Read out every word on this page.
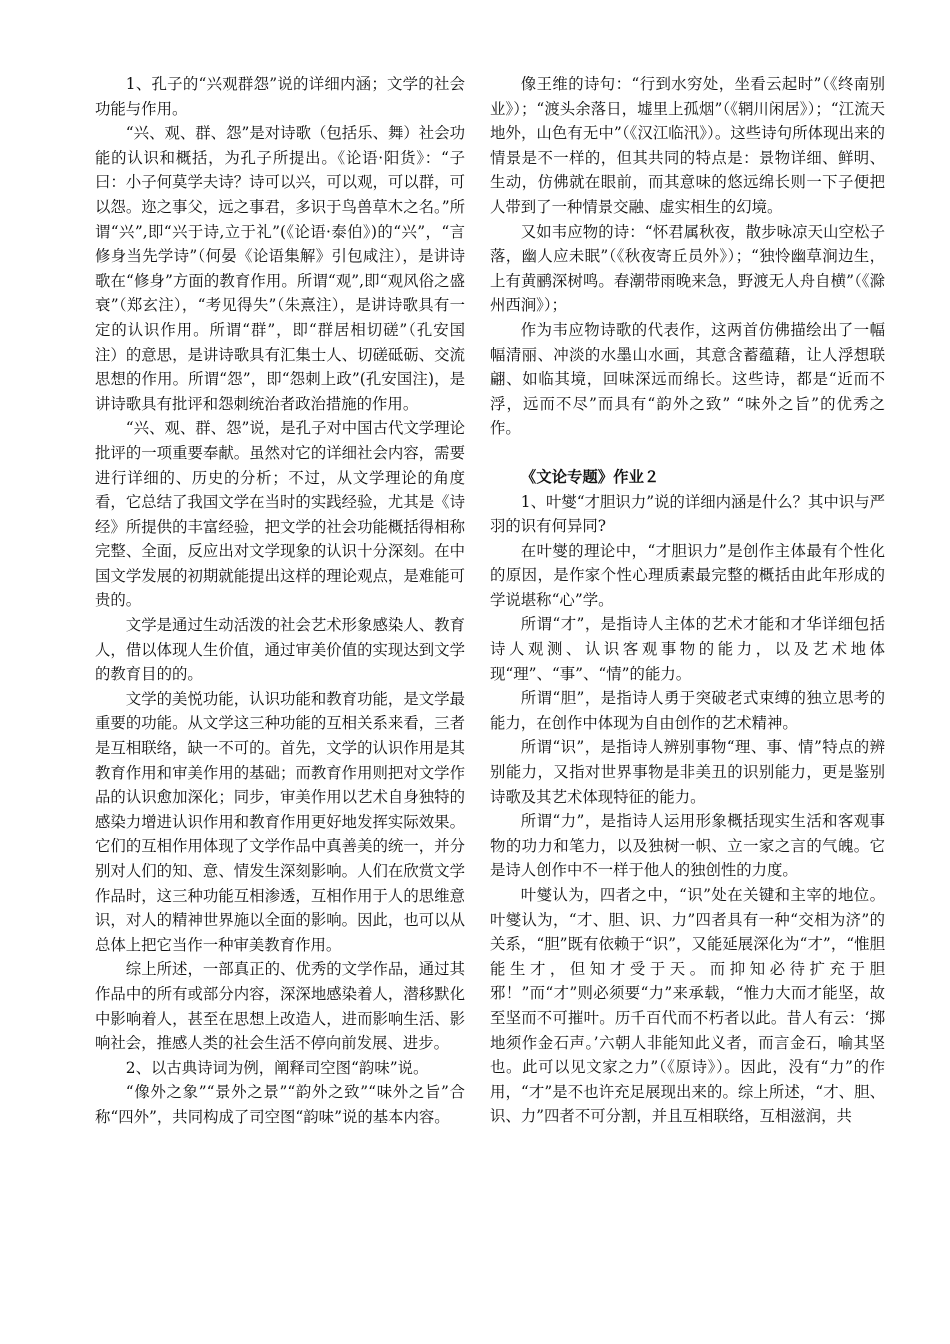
1、孔子的“兴观群怨”说的详细内涵；文学的社会功能与作用。

“兴、观、群、怨”是对诗歌（包括乐、舞）社会功能的认识和概括，为孔子所提出。《论语·阳货》：“子曰：小子何莫学夫诗？诗可以兴，可以观，可以群，可以怨。迩之事父，远之事君，多识于鸟兽草木之名。”所谓“兴”,即“兴于诗,立于礼”(《论语·泰伯》)的“兴”，“言修身当先学诗”（何晏《论语集解》引包咸注），是讲诗歌在“修身”方面的教育作用。所谓“观”,即“观风俗之盛衰”（郑玄注），“考见得失”（朱熹注），是讲诗歌具有一定的认识作用。所谓“群”，即“群居相切磋”（孔安国注）的意思，是讲诗歌具有汇集士人、切磋砥砺、交流思想的作用。所谓“怨”，即“怨刺上政”(孔安国注)，是讲诗歌具有批评和怨刺统治者政治措施的作用。

“兴、观、群、怨”说，是孔子对中国古代文学理论批评的一项重要奉献。虽然对它的详细社会内容，需要进行详细的、历史的分析；不过，从文学理论的角度看，它总结了我国文学在当时的实践经验，尤其是《诗经》所提供的丰富经验，把文学的社会功能概括得相称完整、全面，反应出对文学现象的认识十分深刻。在中国文学发展的初期就能提出这样的理论观点，是难能可贵的。

文学是通过生动活泼的社会艺术形象感染人、教育人，借以体现人生价值，通过审美价值的实现达到文学的教育目的的。

文学的美悦功能，认识功能和教育功能，是文学最重要的功能。从文学这三种功能的互相关系来看，三者是互相联络，缺一不可的。首先，文学的认识作用是其教育作用和审美作用的基础；而教育作用则把对文学作品的认识愈加深化；同步，审美作用以艺术自身独特的感染力增进认识作用和教育作用更好地发挥实际效果。它们的互相作用体现了文学作品中真善美的统一，并分别对人们的知、意、情发生深刻影响。人们在欣赏文学作品时，这三种功能互相渗透，互相作用于人的思维意识，对人的精神世界施以全面的影响。因此，也可以从总体上把它当作一种审美教育作用。

综上所述，一部真正的、优秀的文学作品，通过其作品中的所有或部分内容，深深地感染着人，潜移默化中影响着人，甚至在思想上改造人，进而影响生活、影响社会，推感人类的社会生活不停向前发展、进步。

2、以古典诗词为例，阐释司空图“韵味”说。

“像外之象”“景外之景”“韵外之致”“味外之旨”合称“四外”，共同构成了司空图“韵味”说的基本内容。

像王维的诗句：“行到水穷处，坐看云起时”（《终南别业》）；“渡头余落日，墟里上孤烟”（《辋川闲居》）；“江流天地外，山色有无中”（《汉江临汛》）。这些诗句所体现出来的情景是不一样的，但其共同的特点是：景物详细、鲜明、生动，仿佛就在眼前，而其意味的悠远绵长则一下子便把人带到了一种情景交融、虚实相生的幻境。

又如韦应物的诗：“怀君属秋夜，散步咏凉天山空松子落，幽人应未眠”（《秋夜寄丘员外》）；“独怜幽草涧边生，上有黄鹂深树鸣。春潮带雨晚来急，野渡无人舟自横”（《滁州西涧》）；

作为韦应物诗歌的代表作，这两首仿佛描绘出了一幅幅清丽、冲淡的水墨山水画，其意含蓄蕴藉，让人浮想联翩、如临其境，回味深远而绵长。这些诗，都是“近而不浮，远而不尽”而具有“韵外之致” “味外之旨”的优秀之作。

《文论专题》作业２

1、叶燮“才胆识力”说的详细内涵是什么？其中识与严羽的识有何异同?

在叶燮的理论中，“才胆识力”是创作主体最有个性化的原因，是作家个性心理质素最完整的概括由此年形成的学说堪称“心”学。

所谓“才”，是指诗人主体的艺术才能和才华详细包括诗人观测、认识客观事物的能力，以及艺术地体现“理”、“事”、“情”的能力。

所谓“胆”，是指诗人勇于突破老式束缚的独立思考的能力，在创作中体现为自由创作的艺术精神。

所谓“识”，是指诗人辨别事物“理、事、情”特点的辨别能力，又指对世界事物是非美丑的识别能力，更是鉴别诗歌及其艺术体现特征的能力。

所谓“力”，是指诗人运用形象概括现实生活和客观事物的功力和笔力，以及独树一帜、立一家之言的气魄。它是诗人创作中不一样于他人的独创性的力度。

叶燮认为，四者之中，“识”处在关键和主宰的地位。叶燮认为，“才、胆、识、力”四者具有一种“交相为济”的关系，“胆”既有依赖于“识”，又能延展深化为“才”，“惟胆能生才，但知才受于天。而抑知必待扩充于胆邪！”而“才”则必须要“力”来承载，“惟力大而才能坚，故至坚而不可摧叶。历千百代而不朽者以此。昔人有云：‘掷地须作金石声。’六朝人非能知此义者，而言金石，喻其坚也。此可以见文家之力”（《原诗》）。因此，没有“力”的作用，“才”是不也许充足展现出来的。综上所述，“才、胆、识、力”四者不可分割，并且互相联络，互相滋润，共
